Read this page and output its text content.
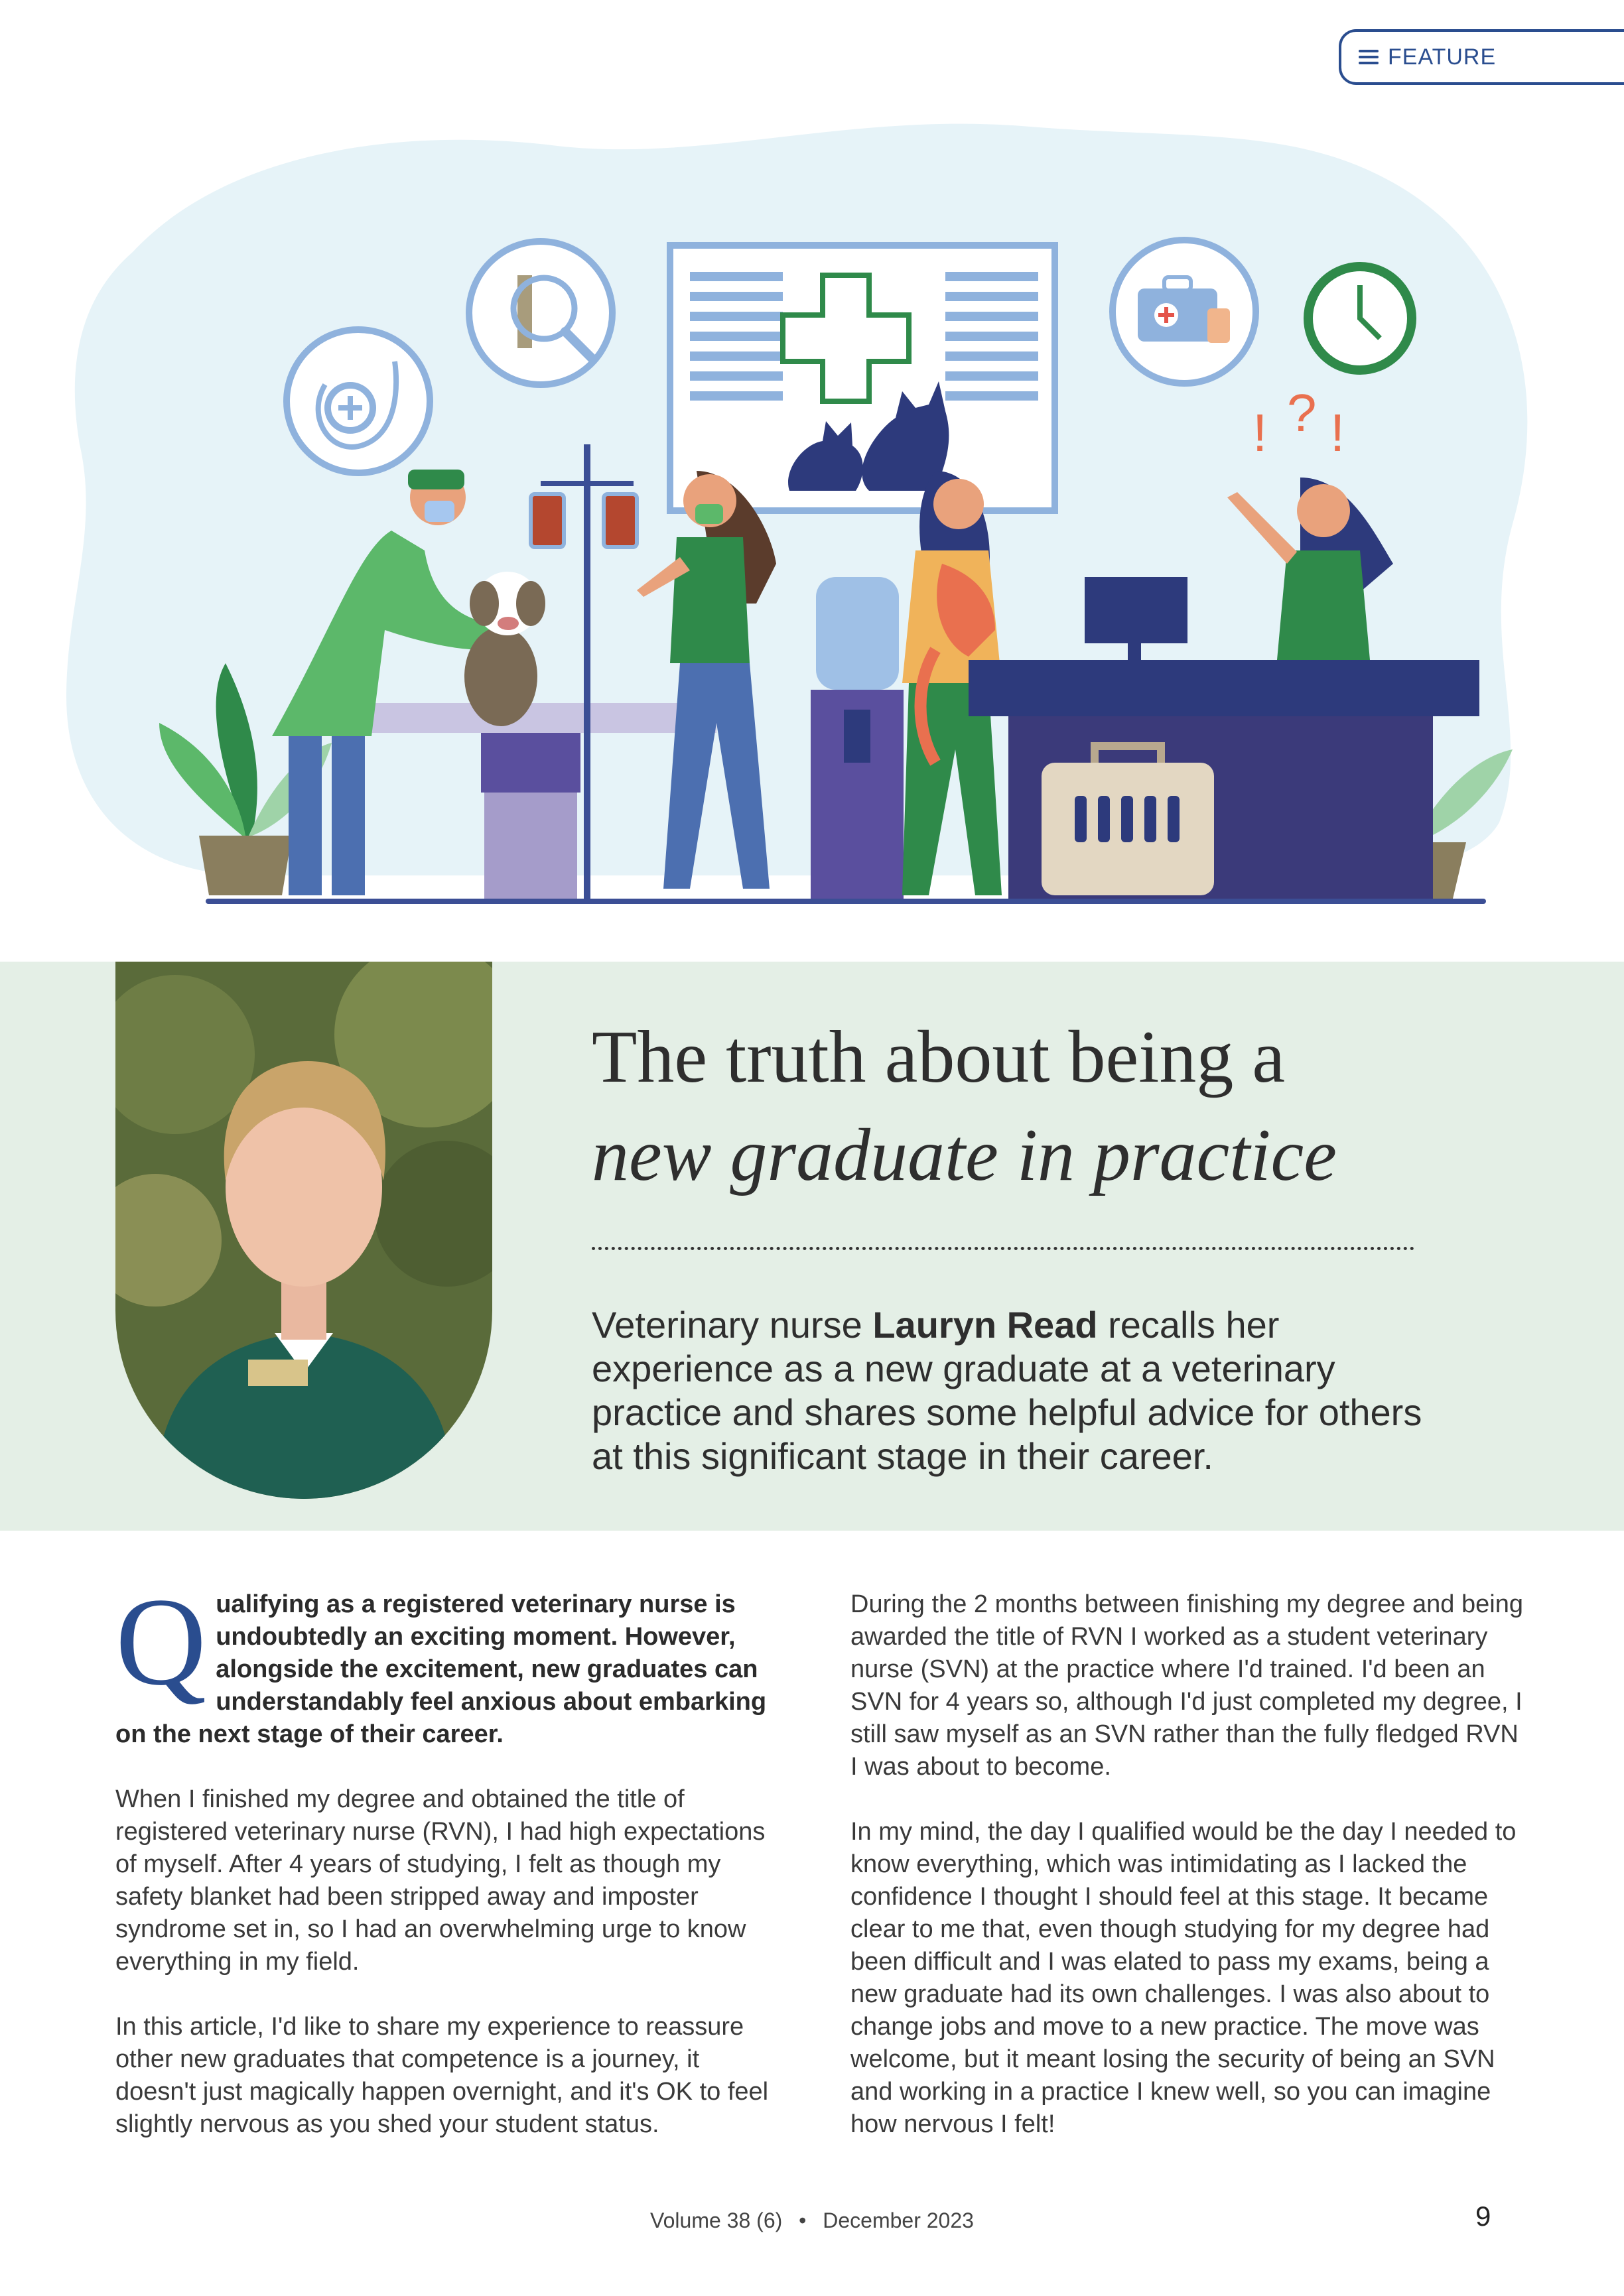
FEATURE
! ? !
The truth about being a
new graduate in practice
Veterinary nurse Lauryn Read recalls her experience as a new graduate at a veterinary practice and shares some helpful advice for others at this significant stage in their career.

Qualifying as a registered veterinary nurse is undoubtedly an exciting moment. However, alongside the excitement, new graduates can understandably feel anxious about embarking on the next stage of their career.

When I finished my degree and obtained the title of registered veterinary nurse (RVN), I had high expectations of myself. After 4 years of studying, I felt as though my safety blanket had been stripped away and imposter syndrome set in, so I had an overwhelming urge to know everything in my field.

In this article, I'd like to share my experience to reassure other new graduates that competence is a journey, it doesn't just magically happen overnight, and it's OK to feel slightly nervous as you shed your student status.

During the 2 months between finishing my degree and being awarded the title of RVN I worked as a student veterinary nurse (SVN) at the practice where I'd trained. I'd been an SVN for 4 years so, although I'd just completed my degree, I still saw myself as an SVN rather than the fully fledged RVN I was about to become.

In my mind, the day I qualified would be the day I needed to know everything, which was intimidating as I lacked the confidence I thought I should feel at this stage. It became clear to me that, even though studying for my degree had been difficult and I was elated to pass my exams, being a new graduate had its own challenges. I was also about to change jobs and move to a new practice. The move was welcome, but it meant losing the security of being an SVN and working in a practice I knew well, so you can imagine how nervous I felt!

Volume 38 (6) • December 2023	9
